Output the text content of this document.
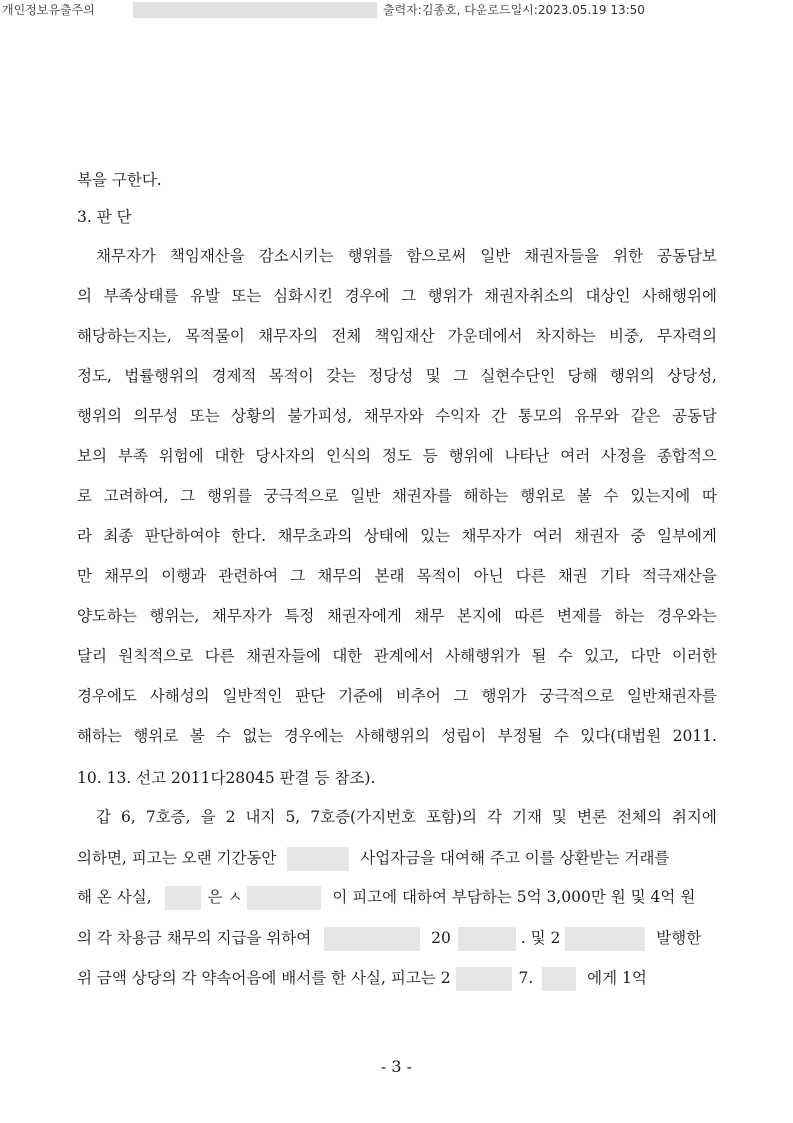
개인정보유출주의	출력자:김종호, 다운로드일시:2023.05.19 13:50

복을 구한다.

3. 판 단

채무자가 책임재산을 감소시키는 행위를 함으로써 일반 채권자들을 위한 공동담보
의 부족상태를 유발 또는 심화시킨 경우에 그 행위가 채권자취소의 대상인 사해행위에
해당하는지는, 목적물이 채무자의 전체 책임재산 가운데에서 차지하는 비중, 무자력의
정도, 법률행위의 경제적 목적이 갖는 정당성 및 그 실현수단인 당해 행위의 상당성,
행위의 의무성 또는 상황의 불가피성, 채무자와 수익자 간 통모의 유무와 같은 공동담
보의 부족 위험에 대한 당사자의 인식의 정도 등 행위에 나타난 여러 사정을 종합적으
로 고려하여, 그 행위를 궁극적으로 일반 채권자를 해하는 행위로 볼 수 있는지에 따
라 최종 판단하여야 한다. 채무초과의 상태에 있는 채무자가 여러 채권자 중 일부에게
만 채무의 이행과 관련하여 그 채무의 본래 목적이 아닌 다른 채권 기타 적극재산을
양도하는 행위는, 채무자가 특정 채권자에게 채무 본지에 따른 변제를 하는 경우와는
달리 원칙적으로 다른 채권자들에 대한 관계에서 사해행위가 될 수 있고, 다만 이러한
경우에도 사해성의 일반적인 판단 기준에 비추어 그 행위가 궁극적으로 일반채권자를
해하는 행위로 볼 수 없는 경우에는 사해행위의 성립이 부정될 수 있다(대법원 2011.

10. 13. 선고 2011다28045 판결 등 참조).

갑 6, 7호증, 을 2 내지 5, 7호증(가지번호 포함)의 각 기재 및 변론 전체의 취지에
의하면, 피고는 오랜 기간동안	사업자금을 대여해 주고 이를 상환받는 거래를
해 온 사실,	은 ㅅ	이 피고에 대하여 부담하는 5억 3,000만 원 및 4억 원
의 각 차용금 채무의 지급을 위하여	20	. 및 2	발행한
위 금액 상당의 각 약속어음에 배서를 한 사실, 피고는 2	7.	에게 1억
- 3 -
